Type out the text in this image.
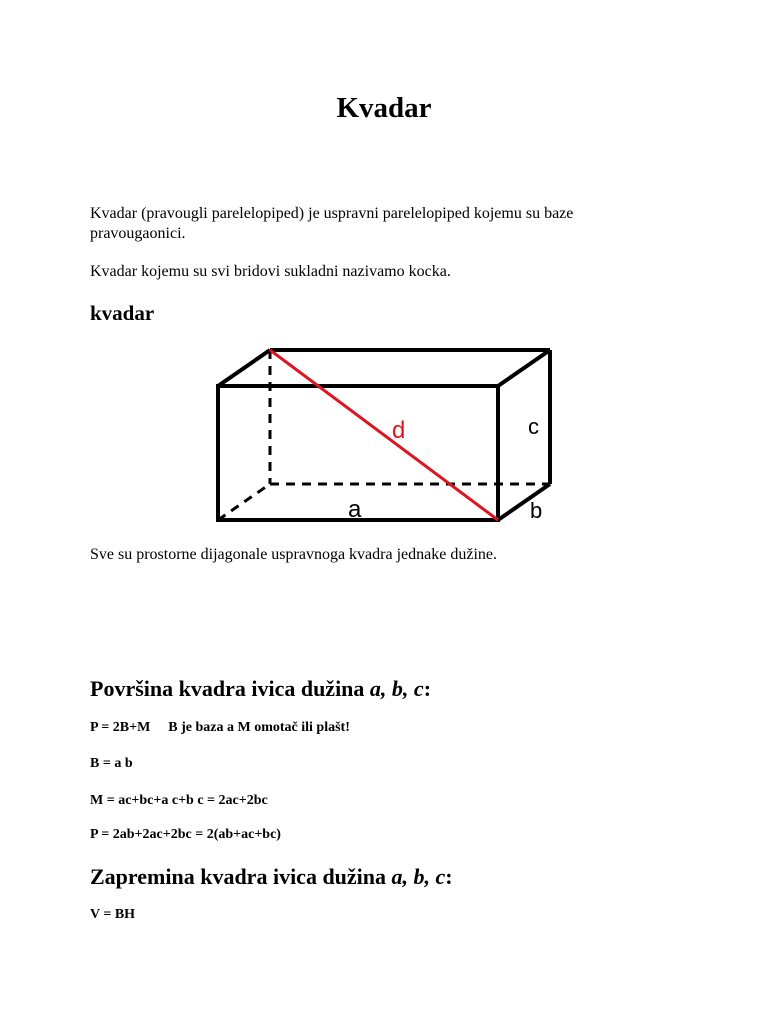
Kvadar

Kvadar (pravougli parelelopiped) je uspravni parelelopiped kojemu su baze pravougaonici.

Kvadar kojemu su svi bridovi sukladni nazivamo kocka.

kvadar
d	c
a	b

Sve su prostorne dijagonale uspravnoga kvadra jednake dužine.

Površina kvadra ivica dužina a, b, c:

P = 2B+M B je baza a M omotač ili plašt!

B = a b

M = ac+bc+a c+b c = 2ac+2bc

P = 2ab+2ac+2bc = 2(ab+ac+bc)

Zapremina kvadra ivica dužina a, b, c:

V = BH
